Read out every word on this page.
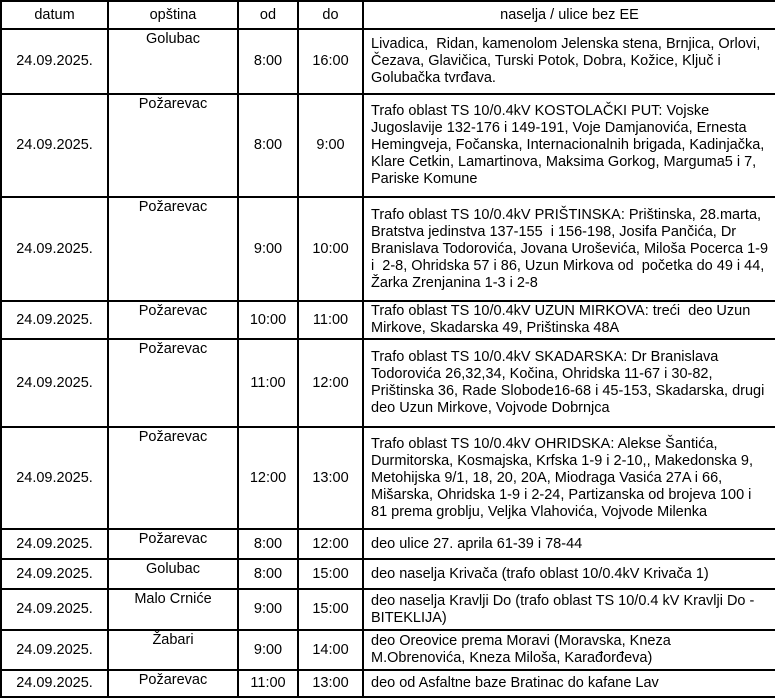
datum	opština	od	do	naselja / ulice bez EE
24.09.2025.	Golubac	8:00	16:00	Livadica,  Ridan, kamenolom Jelenska stena, Brnjica, Orlovi, Čezava, Glavičica, Turski Potok, Dobra, Kožice, Ključ i Golubačka tvrđava.
24.09.2025.	Požarevac	8:00	9:00	Trafo oblast TS 10/0.4kV KOSTOLAČKI PUT: Vojske Jugoslavije 132-176 i 149-191, Voje Damjanovića, Ernesta Hemingveja, Fočanska, Internacionalnih brigada, Kadinjačka, Klare Cetkin, Lamartinova, Maksima Gorkog, Marguma5 i 7, Pariske Komune
24.09.2025.	Požarevac	9:00	10:00	Trafo oblast TS 10/0.4kV PRIŠTINSKA: Prištinska, 28.marta,  Bratstva jedinstva 137-155  i 156-198, Josifa Pančića, Dr Branislava Todorovića, Jovana Uroševića, Miloša Pocerca 1-9 i  2-8, Ohridska 57 i 86, Uzun Mirkova od  početka do 49 i 44, Žarka Zrenjanina 1-3 i 2-8
24.09.2025.	Požarevac	10:00	11:00	Trafo oblast TS 10/0.4kV UZUN MIRKOVA: treći  deo Uzun Mirkove, Skadarska 49, Prištinska 48A
24.09.2025.	Požarevac	11:00	12:00	Trafo oblast TS 10/0.4kV SKADARSKA: Dr Branislava Todorovića 26,32,34, Kočina, Ohridska 11-67 i 30-82, Prištinska 36, Rade Slobode16-68 i 45-153, Skadarska, drugi deo Uzun Mirkove, Vojvode Dobrnjca
24.09.2025.	Požarevac	12:00	13:00	Trafo oblast TS 10/0.4kV OHRIDSKA: Alekse Šantića, Durmitorska, Kosmajska, Krfska 1-9 i 2-10,, Makedonska 9, Metohijska 9/1, 18, 20, 20A, Miodraga Vasića 27A i 66, Mišarska, Ohridska 1-9 i 2-24, Partizanska od brojeva 100 i 81 prema groblju, Veljka Vlahovića, Vojvode Milenka
24.09.2025.	Požarevac	8:00	12:00	deo ulice 27. aprila 61-39 i 78-44
24.09.2025.	Golubac	8:00	15:00	deo naselja Krivača (trafo oblast 10/0.4kV Krivača 1)
24.09.2025.	Malo Crniće	9:00	15:00	deo naselja Kravlji Do (trafo oblast TS 10/0.4 kV Kravlji Do - BITEKLIJA)
24.09.2025.	Žabari	9:00	14:00	deo Oreovice prema Moravi (Moravska, Kneza M.Obrenovića, Kneza Miloša, Karađorđeva)
24.09.2025.	Požarevac	11:00	13:00	deo od Asfaltne baze Bratinac do kafane Lav
